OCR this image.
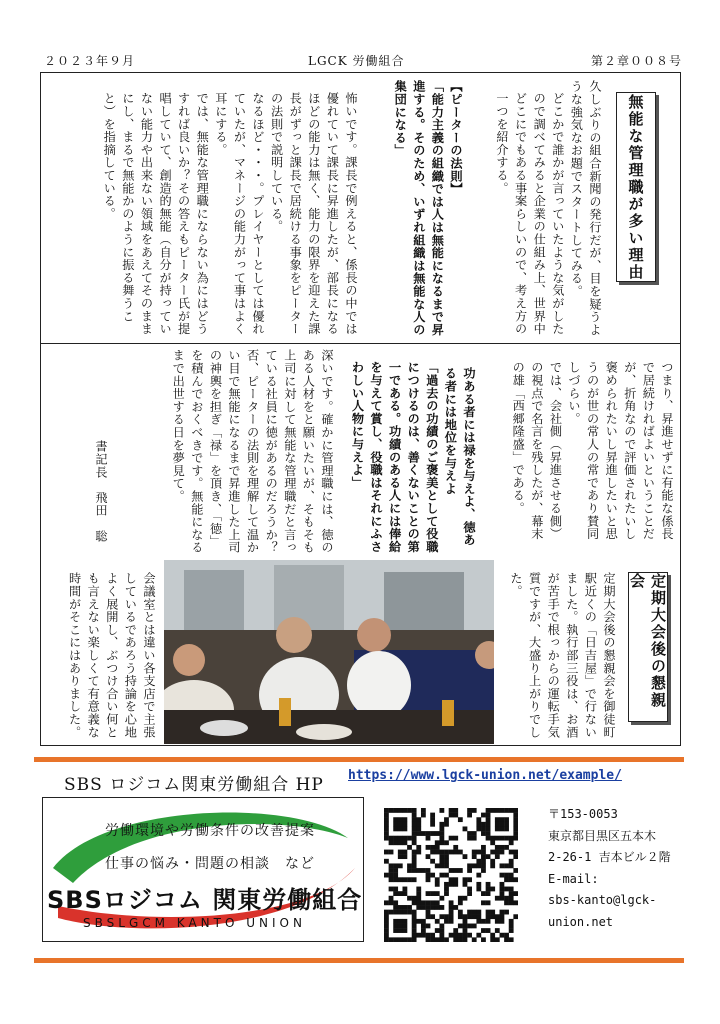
２０２３年９月	LGCK 労働組合	第２章００８号
無能な管理職が多い理由

久しぶりの組合新聞の発行だが、目を疑うような強気なお題でスタートしてみる。

どこかで誰かが言っていたような気がしたので調べてみると企業の仕組み上、世界中どこにでもある事案らしいので、考え方の一つを紹介する。

【ピーターの法則】

「能力主義の組織では人は無能になるまで昇進する。そのため、いずれ組織は無能な人の集団になる」

怖いです。課長で例えると、係長の中では優れていて課長に昇進したが、部長になるほどの能力は無く、能力の限界を迎えた課長がずっと課長で居続ける事象をピーターの法則で説明している。

なるほど・・・。プレイヤーとしては優れていたが、マネージの能力がって事はよく耳にする。

では、無能な管理職にならない為にはどうすれば良いか？その答えもピーター氏が提唱していて、創造的無能（自分が持っていない能力や出来ない領域をあえてそのままにし、まるで無能かのように振る舞うこと）を指摘している。

つまり、昇進せずに有能な係長で居続ければよいということだが、折角なので評価されたいし褒められたいし昇進したいと思うのが世の常人の常であり賛同しづらい。

では、会社側（昇進させる側）の視点で名言を残したが、幕末の雄「西郷隆盛」である。

功ある者には禄を与えよ、徳ある者には地位を与えよ

「過去の功績のご褒美として役職につけるのは、善くないことの第一である。功績のある人には俸給を与えて賞し、役職はそれにふさわしい人物に与えよ」

深いです。確かに管理職には、徳のある人材をと願いたいが、そもそも上司に対して無能な管理職だと言っている社員に徳があるのだろうか？

否、ピーターの法則を理解して温かい目で無能になるまで昇進した上司の神輿を担ぎ「禄」を頂き、「徳」を積んでおくべきです。無能になるまで出世する日を夢見て。

書記長　飛田　聡
定期大会後の懇親会

定期大会後の懇親会を御徒町駅近くの「日吉屋」で行ないました。執行部三役は、お酒が苦手で根っからの運転手気質ですが、大盛り上がりでした。

会議室とは違い各支店で主張しているであろう持論を心地よく展開し、ぶつけ合い何とも言えない楽しくて有意義な時間がそこにはありました。

SBS ロジコム関東労働組合 HP https://www.lgck-union.net/example/
労働環境や労働条件の改善提案
仕事の悩み・問題の相談　など
SBSロジコム 関東労働組合
SBSLGCM KANTO UNION
〒153-0053
東京都目黒区五本木
2-26-1 吉本ビル２階
E-mail:
sbs-kanto@lgck-
union.net
